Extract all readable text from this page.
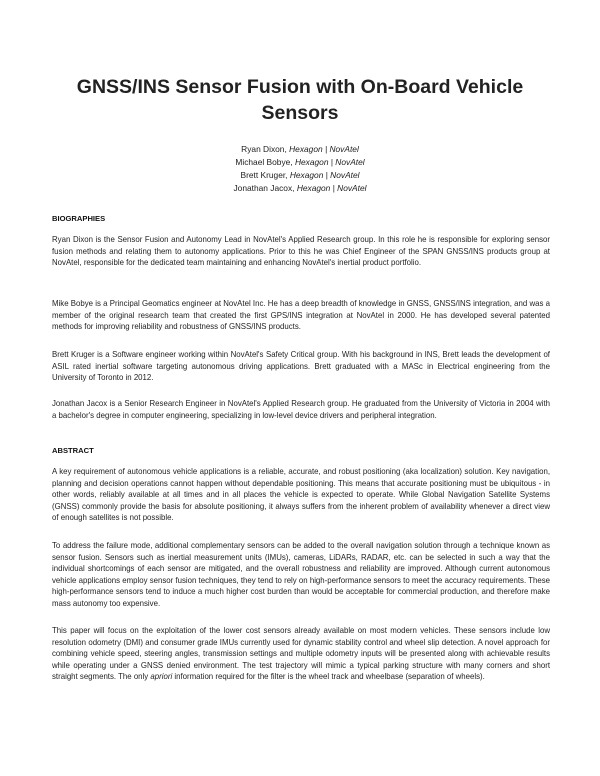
GNSS/INS Sensor Fusion with On-Board Vehicle Sensors
Ryan Dixon, Hexagon | NovAtel
Michael Bobye, Hexagon | NovAtel
Brett Kruger, Hexagon | NovAtel
Jonathan Jacox, Hexagon | NovAtel
BIOGRAPHIES

Ryan Dixon is the Sensor Fusion and Autonomy Lead in NovAtel's Applied Research group. In this role he is responsible for exploring sensor fusion methods and relating them to autonomy applications. Prior to this he was Chief Engineer of the SPAN GNSS/INS products group at NovAtel, responsible for the dedicated team maintaining and enhancing NovAtel's inertial product portfolio.

Mike Bobye is a Principal Geomatics engineer at NovAtel Inc. He has a deep breadth of knowledge in GNSS, GNSS/INS integration, and was a member of the original research team that created the first GPS/INS integration at NovAtel in 2000. He has developed several patented methods for improving reliability and robustness of GNSS/INS products.

Brett Kruger is a Software engineer working within NovAtel's Safety Critical group. With his background in INS, Brett leads the development of ASIL rated inertial software targeting autonomous driving applications. Brett graduated with a MASc in Electrical engineering from the University of Toronto in 2012.

Jonathan Jacox is a Senior Research Engineer in NovAtel's Applied Research group. He graduated from the University of Victoria in 2004 with a bachelor's degree in computer engineering, specializing in low-level device drivers and peripheral integration.

ABSTRACT

A key requirement of autonomous vehicle applications is a reliable, accurate, and robust positioning (aka localization) solution. Key navigation, planning and decision operations cannot happen without dependable positioning. This means that accurate positioning must be ubiquitous - in other words, reliably available at all times and in all places the vehicle is expected to operate. While Global Navigation Satellite Systems (GNSS) commonly provide the basis for absolute positioning, it always suffers from the inherent problem of availability whenever a direct view of enough satellites is not possible.

To address the failure mode, additional complementary sensors can be added to the overall navigation solution through a technique known as sensor fusion. Sensors such as inertial measurement units (IMUs), cameras, LiDARs, RADAR, etc. can be selected in such a way that the individual shortcomings of each sensor are mitigated, and the overall robustness and reliability are improved. Although current autonomous vehicle applications employ sensor fusion techniques, they tend to rely on high-performance sensors to meet the accuracy requirements. These high-performance sensors tend to induce a much higher cost burden than would be acceptable for commercial production, and therefore make mass autonomy too expensive.

This paper will focus on the exploitation of the lower cost sensors already available on most modern vehicles. These sensors include low resolution odometry (DMI) and consumer grade IMUs currently used for dynamic stability control and wheel slip detection. A novel approach for combining vehicle speed, steering angles, transmission settings and multiple odometry inputs will be presented along with achievable results while operating under a GNSS denied environment. The test trajectory will mimic a typical parking structure with many corners and short straight segments. The only apriori information required for the filter is the wheel track and wheelbase (separation of wheels).
